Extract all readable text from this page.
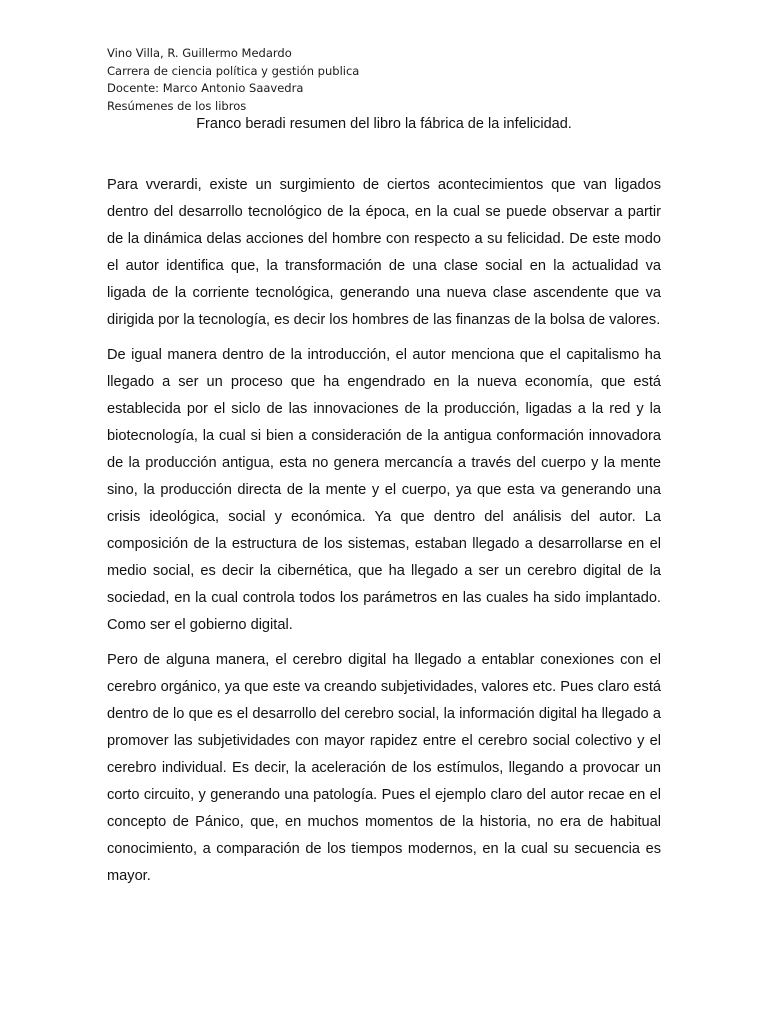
Vino Villa, R. Guillermo Medardo
Carrera de ciencia política y gestión publica
Docente: Marco Antonio Saavedra
Resúmenes de los libros
Franco beradi resumen del libro la fábrica de la infelicidad.

Para vverardi, existe un surgimiento de ciertos acontecimientos que van ligados dentro del desarrollo tecnológico de la época, en la cual se puede observar a partir de la dinámica delas acciones del hombre con respecto a su felicidad. De este modo el autor identifica que, la transformación de una clase social en la actualidad va ligada de la corriente tecnológica, generando una nueva clase ascendente que va dirigida por la tecnología, es decir los hombres de las finanzas de la bolsa de valores.

De igual manera dentro de la introducción, el autor menciona que el capitalismo ha llegado a ser un proceso que ha engendrado en la nueva economía, que está establecida por el siclo de las innovaciones de la producción, ligadas a la red y la biotecnología, la cual si bien a consideración de la antigua conformación innovadora de la producción antigua, esta no genera mercancía a través del cuerpo y la mente sino, la producción directa de la mente y el cuerpo, ya que esta va generando una crisis ideológica, social y económica. Ya que dentro del análisis del autor. La composición de la estructura de los sistemas, estaban llegado a desarrollarse en el medio social, es decir la cibernética, que ha llegado a ser un cerebro digital de la sociedad, en la cual controla todos los parámetros en las cuales ha sido implantado. Como ser el gobierno digital.

Pero de alguna manera, el cerebro digital ha llegado a entablar conexiones con el cerebro orgánico, ya que este va creando subjetividades, valores etc. Pues claro está dentro de lo que es el desarrollo del cerebro social, la información digital ha llegado a promover las subjetividades con mayor rapidez entre el cerebro social colectivo y el cerebro individual. Es decir, la aceleración de los estímulos, llegando a provocar un corto circuito, y generando una patología. Pues el ejemplo claro del autor recae en el concepto de Pánico, que, en muchos momentos de la historia, no era de habitual conocimiento, a comparación de los tiempos modernos, en la cual su secuencia es mayor.
